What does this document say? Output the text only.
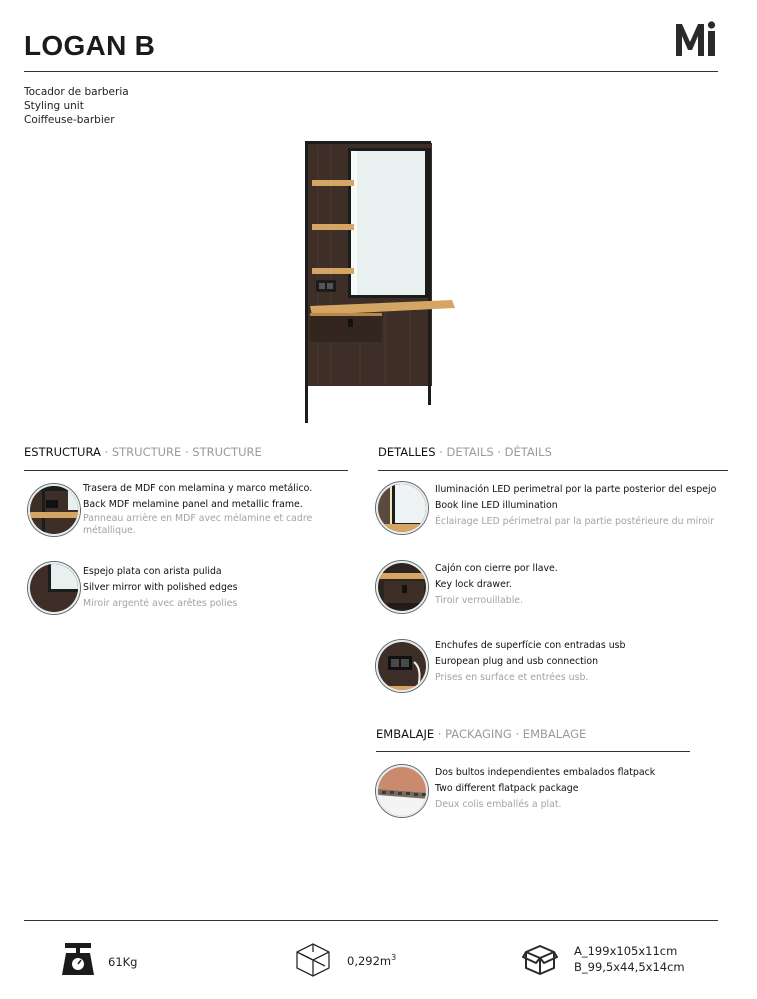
LOGAN B
Tocador de barberia
Styling unit
Coiffeuse-barbier
ESTRUCTURA · STRUCTURE · STRUCTURE
Trasera de MDF con melamina y marco metálico.
Back MDF melamine panel and metallic frame.
Panneau arrière en MDF avec mélamine et cadre métallique.
Espejo plata con arista pulida
Silver mirror with polished edges
Miroir argenté avec arêtes polies
DETALLES · DETAILS · DÉTAILS
Iluminación LED perimetral por la parte posterior del espejo
Book line LED illumination
Éclairage LED périmetral par la partie postérieure du miroir
Cajón con cierre por llave.
Key lock drawer.
Tiroir verrouillable.
Enchufes de superfície con entradas usb
European plug and usb connection
Prises en surface et entrées usb.
EMBALAJE · PACKAGING · EMBALAGE
Dos bultos independientes embalados flatpack
Two different flatpack package
Deux colis emballés a plat.
61Kg	$0,292m^3$	A_199x105x11cm
B_99,5x44,5x14cm
